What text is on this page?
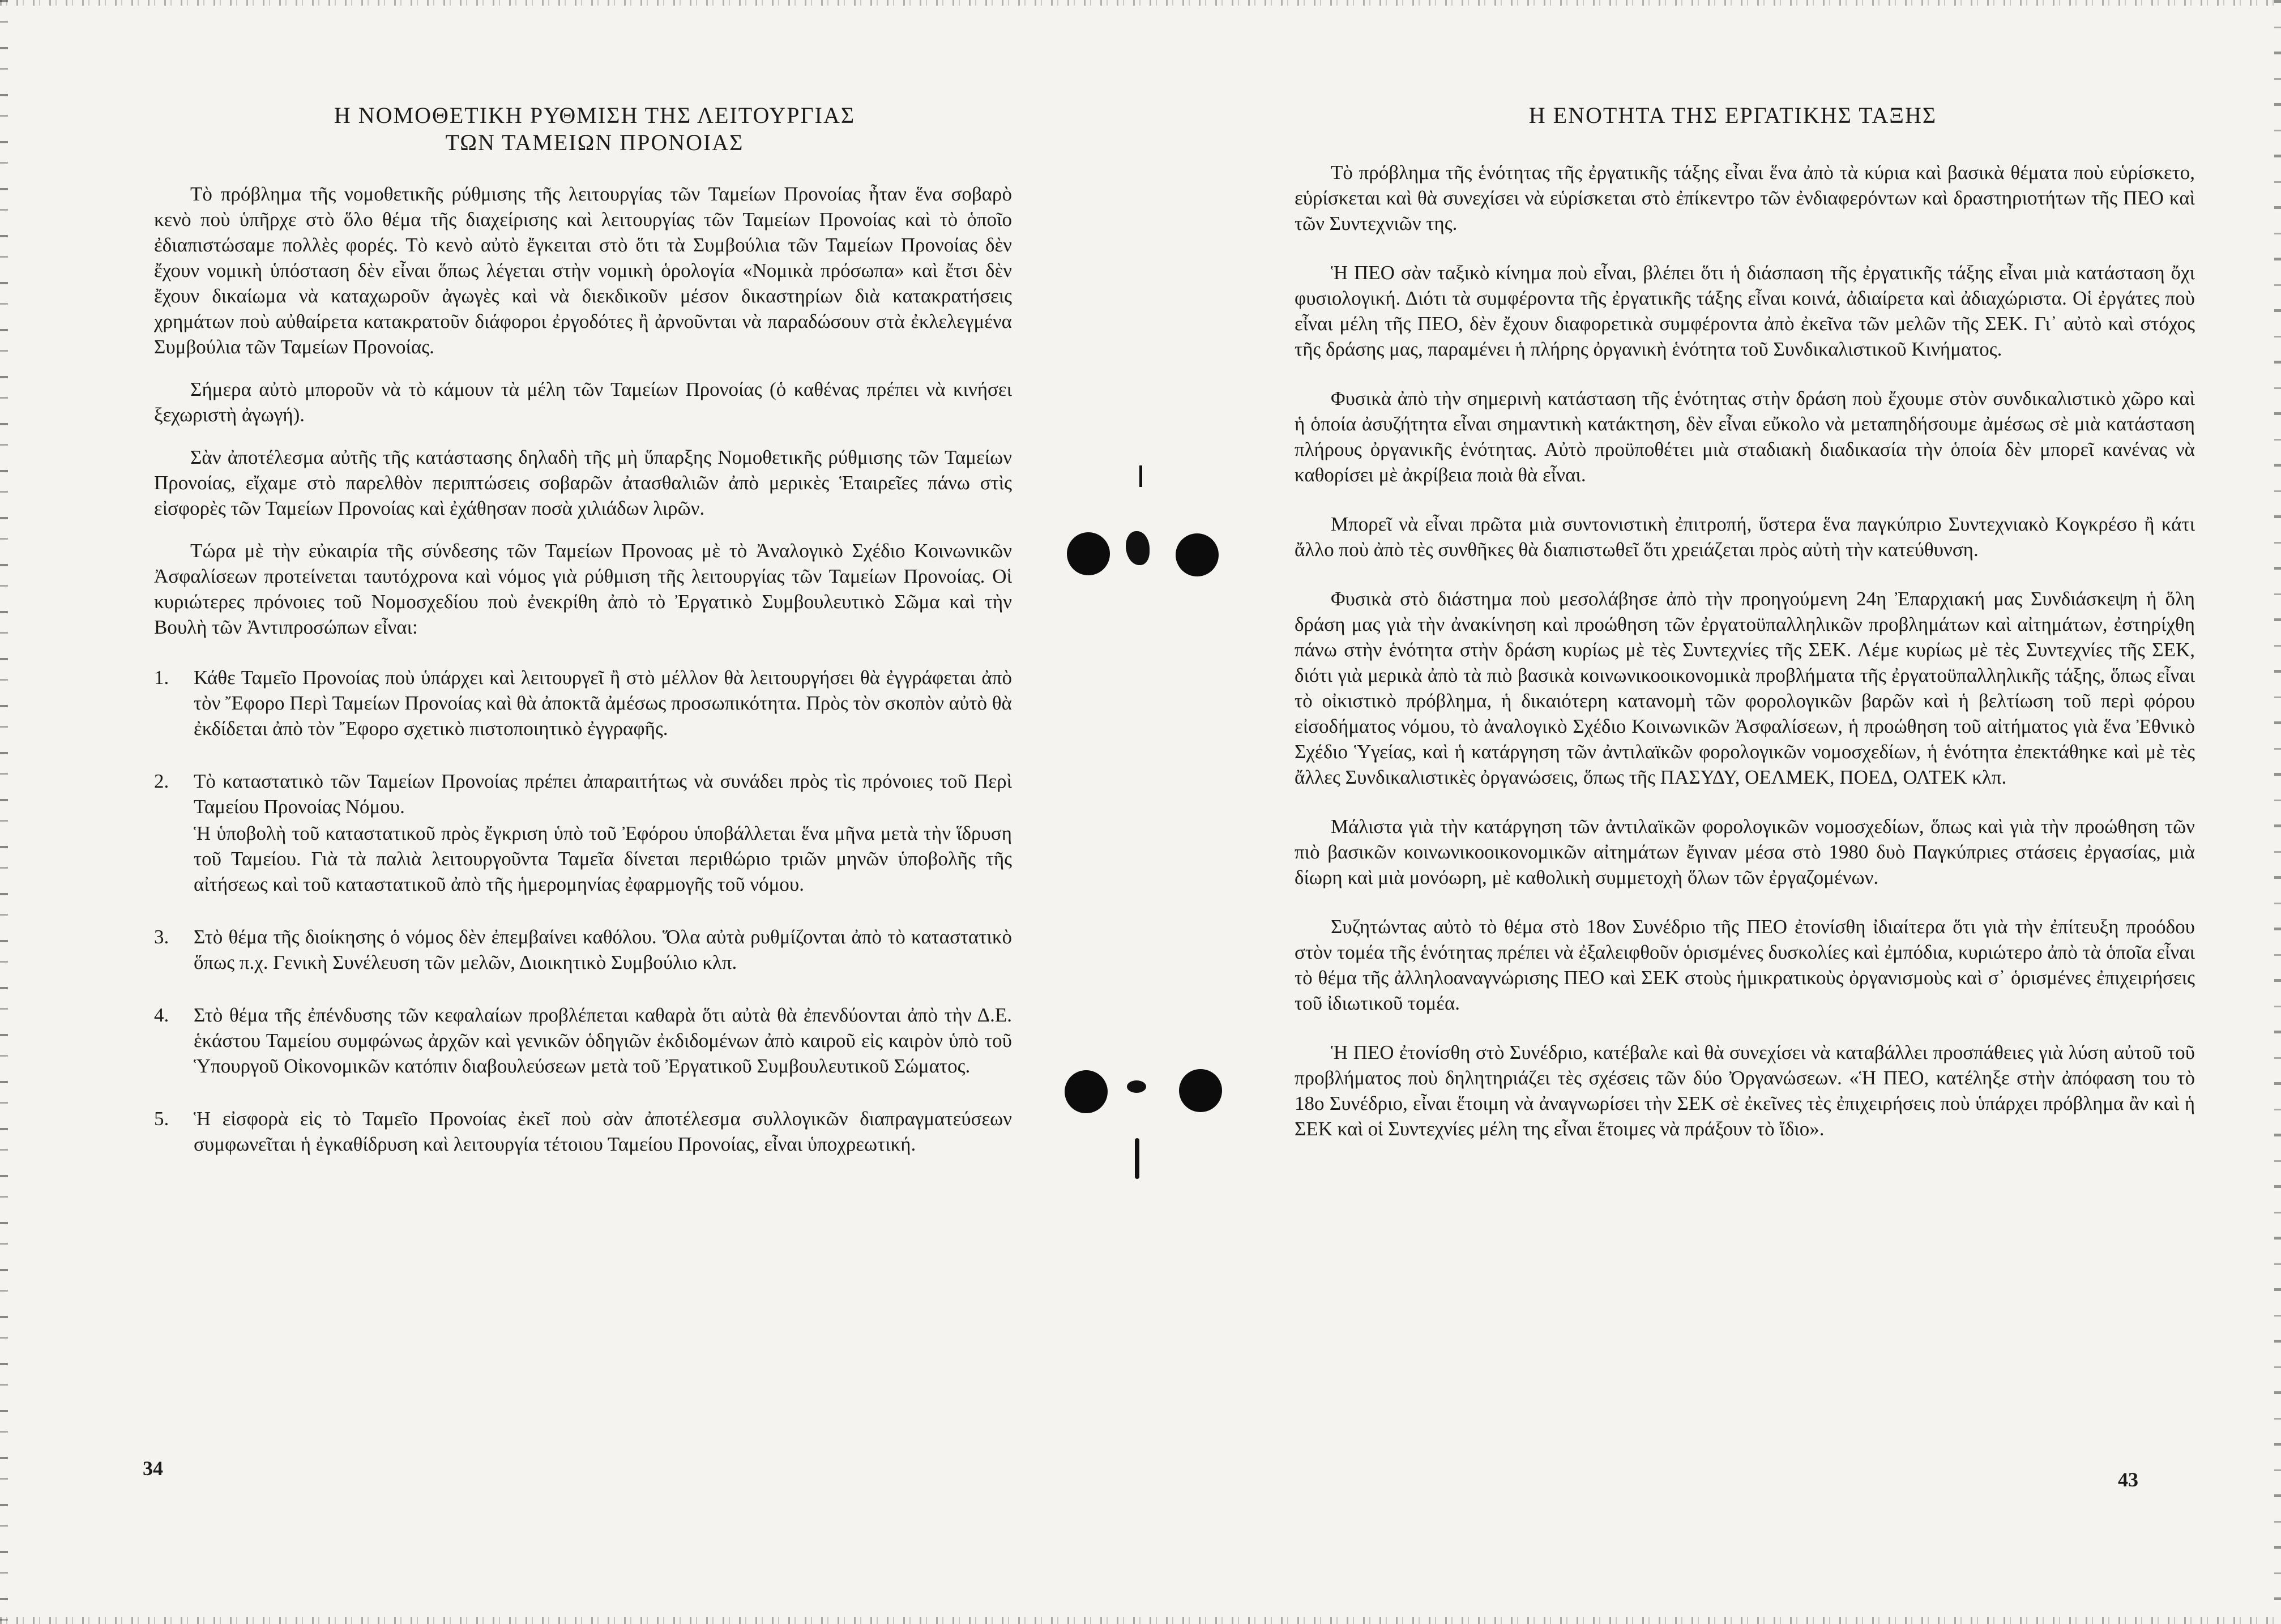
Η ΝΟΜΟΘΕΤΙΚΗ ΡΥΘΜΙΣΗ ΤΗΣ ΛΕΙΤΟΥΡΓΙΑΣ
ΤΩΝ ΤΑΜΕΙΩΝ ΠΡΟΝΟΙΑΣ

Τὸ πρόβλημα τῆς νομοθετικῆς ρύθμισης τῆς λειτουργίας τῶν Ταμείων Προνοίας ἦταν ἕνα σοβαρὸ κενὸ ποὺ ὑπῆρχε στὸ ὅλο θέμα τῆς διαχείρισης καὶ λειτουργίας τῶν Ταμείων Προνοίας καὶ τὸ ὁποῖο ἐδιαπιστώσαμε πολλὲς φορές. Τὸ κενὸ αὐτὸ ἔγκειται στὸ ὅτι τὰ Συμβούλια τῶν Ταμείων Προνοίας δὲν ἔχουν νομικὴ ὑπόσταση δὲν εἶναι ὅπως λέγεται στὴν νομικὴ ὁρολογία «Νομικὰ πρόσωπα» καὶ ἔτσι δὲν ἔχουν δικαίωμα νὰ καταχωροῦν ἀγωγὲς καὶ νὰ διεκδικοῦν μέσον δικαστηρίων διὰ κατακρατήσεις χρημάτων ποὺ αὐθαίρετα κατακρατοῦν διάφοροι ἐργοδότες ἢ ἀρνοῦνται νὰ παραδώσουν στὰ ἐκλελεγμένα Συμβούλια τῶν Ταμείων Προνοίας.

Σήμερα αὐτὸ μποροῦν νὰ τὸ κάμουν τὰ μέλη τῶν Ταμείων Προνοίας (ὁ καθένας πρέπει νὰ κινήσει ξεχωριστὴ ἀγωγή).

Σὰν ἀποτέλεσμα αὐτῆς τῆς κατάστασης δηλαδὴ τῆς μὴ ὕπαρξης Νομοθετικῆς ρύθμισης τῶν Ταμείων Προνοίας, εἴχαμε στὸ παρελθὸν περιπτώσεις σοβαρῶν ἀτασθαλιῶν ἀπὸ μερικὲς Ἑταιρεῖες πάνω στὶς εἰσφορὲς τῶν Ταμείων Προνοίας καὶ ἐχάθησαν ποσὰ χιλιάδων λιρῶν.

Τώρα μὲ τὴν εὐκαιρία τῆς σύνδεσης τῶν Ταμείων Προνοας μὲ τὸ Ἀναλογικὸ Σχέδιο Κοινωνικῶν Ἀσφαλίσεων προτείνεται ταυτόχρονα καὶ νόμος γιὰ ρύθμιση τῆς λειτουργίας τῶν Ταμείων Προνοίας. Οἱ κυριώτερες πρόνοιες τοῦ Νομοσχεδίου ποὺ ἐνεκρίθη ἀπὸ τὸ Ἐργατικὸ Συμβουλευτικὸ Σῶμα καὶ τὴν Βουλὴ τῶν Ἀντιπροσώπων εἶναι:

1. Κάθε Ταμεῖο Προνοίας ποὺ ὑπάρχει καὶ λειτουργεῖ ἢ στὸ μέλλον θὰ λειτουργήσει θὰ ἐγγράφεται ἀπὸ τὸν Ἔφορο Περὶ Ταμείων Προνοίας καὶ θὰ ἀποκτᾶ ἀμέσως προσωπικότητα. Πρὸς τὸν σκοπὸν αὐτὸ θὰ ἐκδίδεται ἀπὸ τὸν Ἔφορο σχετικὸ πιστοποιητικὸ ἐγγραφῆς.
2. Τὸ καταστατικὸ τῶν Ταμείων Προνοίας πρέπει ἀπαραιτήτως νὰ συνάδει πρὸς τὶς πρόνοιες τοῦ Περὶ Ταμείου Προνοίας Νόμου.
Ἡ ὑποβολὴ τοῦ καταστατικοῦ πρὸς ἔγκριση ὑπὸ τοῦ Ἐφόρου ὑποβάλλεται ἕνα μῆνα μετὰ τὴν ἵδρυση τοῦ Ταμείου. Γιὰ τὰ παλιὰ λειτουργοῦντα Ταμεῖα δίνεται περιθώριο τριῶν μηνῶν ὑποβολῆς τῆς αἰτήσεως καὶ τοῦ καταστατικοῦ ἀπὸ τῆς ἡμερομηνίας ἐφαρμογῆς τοῦ νόμου.
3. Στὸ θέμα τῆς διοίκησης ὁ νόμος δὲν ἐπεμβαίνει καθόλου. Ὅλα αὐτὰ ρυθμίζονται ἀπὸ τὸ καταστατικὸ ὅπως π.χ. Γενικὴ Συνέλευση τῶν μελῶν, Διοικητικὸ Συμβούλιο κλπ.
4. Στὸ θέμα τῆς ἐπένδυσης τῶν κεφαλαίων προβλέπεται καθαρὰ ὅτι αὐτὰ θὰ ἐπενδύονται ἀπὸ τὴν Δ.Ε. ἑκάστου Ταμείου συμφώνως ἀρχῶν καὶ γενικῶν ὁδηγιῶν ἐκδιδομένων ἀπὸ καιροῦ εἰς καιρὸν ὑπὸ τοῦ Ὑπουργοῦ Οἰκονομικῶν κατόπιν διαβουλεύσεων μετὰ τοῦ Ἐργατικοῦ Συμβουλευτικοῦ Σώματος.
5. Ἡ εἰσφορὰ εἰς τὸ Ταμεῖο Προνοίας ἐκεῖ ποὺ σὰν ἀποτέλεσμα συλλογικῶν διαπραγματεύσεων συμφωνεῖται ἡ ἐγκαθίδρυση καὶ λειτουργία τέτοιου Ταμείου Προνοίας, εἶναι ὑποχρεωτική.
34
Η ΕΝΟΤΗΤΑ ΤΗΣ ΕΡΓΑΤΙΚΗΣ ΤΑΞΗΣ

Τὸ πρόβλημα τῆς ἑνότητας τῆς ἐργατικῆς τάξης εἶναι ἕνα ἀπὸ τὰ κύρια καὶ βασικὰ θέματα ποὺ εὑρίσκετο, εὑρίσκεται καὶ θὰ συνεχίσει νὰ εὑρίσκεται στὸ ἐπίκεντρο τῶν ἐνδιαφερόντων καὶ δραστηριοτήτων τῆς ΠΕΟ καὶ τῶν Συντεχνιῶν της.

Ἡ ΠΕΟ σὰν ταξικὸ κίνημα ποὺ εἶναι, βλέπει ὅτι ἡ διάσπαση τῆς ἐργατικῆς τάξης εἶναι μιὰ κατάσταση ὄχι φυσιολογική. Διότι τὰ συμφέροντα τῆς ἐργατικῆς τάξης εἶναι κοινά, ἀδιαίρετα καὶ ἀδιαχώριστα. Οἱ ἐργάτες ποὺ εἶναι μέλη τῆς ΠΕΟ, δὲν ἔχουν διαφορετικὰ συμφέροντα ἀπὸ ἐκεῖνα τῶν μελῶν τῆς ΣΕΚ. Γι᾽ αὐτὸ καὶ στόχος τῆς δράσης μας, παραμένει ἡ πλήρης ὀργανικὴ ἑνότητα τοῦ Συνδικαλιστικοῦ Κινήματος.

Φυσικὰ ἀπὸ τὴν σημερινὴ κατάσταση τῆς ἑνότητας στὴν δράση ποὺ ἔχουμε στὸν συνδικαλιστικὸ χῶρο καὶ ἡ ὁποία ἀσυζήτητα εἶναι σημαντικὴ κατάκτηση, δὲν εἶναι εὔκολο νὰ μεταπηδήσουμε ἀμέσως σὲ μιὰ κατάσταση πλήρους ὀργανικῆς ἑνότητας. Αὐτὸ προϋποθέτει μιὰ σταδιακὴ διαδικασία τὴν ὁποία δὲν μπορεῖ κανένας νὰ καθορίσει μὲ ἀκρίβεια ποιὰ θὰ εἶναι.

Μπορεῖ νὰ εἶναι πρῶτα μιὰ συντονιστικὴ ἐπιτροπή, ὕστερα ἕνα παγκύπριο Συντεχνιακὸ Κογκρέσο ἢ κάτι ἄλλο ποὺ ἀπὸ τὲς συνθῆκες θὰ διαπιστωθεῖ ὅτι χρειάζεται πρὸς αὐτὴ τὴν κατεύθυνση.

Φυσικὰ στὸ διάστημα ποὺ μεσολάβησε ἀπὸ τὴν προηγούμενη 24η Ἐπαρχιακή μας Συνδιάσκεψη ἡ ὅλη δράση μας γιὰ τὴν ἀνακίνηση καὶ προώθηση τῶν ἐργατοϋπαλληλικῶν προβλημάτων καὶ αἰτημάτων, ἐστηρίχθη πάνω στὴν ἑνότητα στὴν δράση κυρίως μὲ τὲς Συντεχνίες τῆς ΣΕΚ. Λέμε κυρίως μὲ τὲς Συντεχνίες τῆς ΣΕΚ, διότι γιὰ μερικὰ ἀπὸ τὰ πιὸ βασικὰ κοινωνικοοικονομικὰ προβλήματα τῆς ἐργατοϋπαλληλικῆς τάξης, ὅπως εἶναι τὸ οἰκιστικὸ πρόβλημα, ἡ δικαιότερη κατανομὴ τῶν φορολογικῶν βαρῶν καὶ ἡ βελτίωση τοῦ περὶ φόρου εἰσοδήματος νόμου, τὸ ἀναλογικὸ Σχέδιο Κοινωνικῶν Ἀσφαλίσεων, ἡ προώθηση τοῦ αἰτήματος γιὰ ἕνα Ἐθνικὸ Σχέδιο Ὑγείας, καὶ ἡ κατάργηση τῶν ἀντιλαϊκῶν φορολογικῶν νομοσχεδίων, ἡ ἑνότητα ἐπεκτάθηκε καὶ μὲ τὲς ἄλλες Συνδικαλιστικὲς ὀργανώσεις, ὅπως τῆς ΠΑΣΥΔΥ, ΟΕΛΜΕΚ, ΠΟΕΔ, ΟΛΤΕΚ κλπ.

Μάλιστα γιὰ τὴν κατάργηση τῶν ἀντιλαϊκῶν φορολογικῶν νομοσχεδίων, ὅπως καὶ γιὰ τὴν προώθηση τῶν πιὸ βασικῶν κοινωνικοοικονομικῶν αἰτημάτων ἔγιναν μέσα στὸ 1980 δυὸ Παγκύπριες στάσεις ἐργασίας, μιὰ δίωρη καὶ μιὰ μονόωρη, μὲ καθολικὴ συμμετοχὴ ὅλων τῶν ἐργαζομένων.

Συζητώντας αὐτὸ τὸ θέμα στὸ 18ον Συνέδριο τῆς ΠΕΟ ἐτονίσθη ἰδιαίτερα ὅτι γιὰ τὴν ἐπίτευξη προόδου στὸν τομέα τῆς ἑνότητας πρέπει νὰ ἐξαλειφθοῦν ὁρισμένες δυσκολίες καὶ ἐμπόδια, κυριώτερο ἀπὸ τὰ ὁποῖα εἶναι τὸ θέμα τῆς ἀλληλοαναγνώρισης ΠΕΟ καὶ ΣΕΚ στοὺς ἡμικρατικοὺς ὀργανισμοὺς καὶ σ᾽ ὁρισμένες ἐπιχειρήσεις τοῦ ἰδιωτικοῦ τομέα.

Ἡ ΠΕΟ ἐτονίσθη στὸ Συνέδριο, κατέβαλε καὶ θὰ συνεχίσει νὰ καταβάλλει προσπάθειες γιὰ λύση αὐτοῦ τοῦ προβλήματος ποὺ δηλητηριάζει τὲς σχέσεις τῶν δύο Ὀργανώσεων. «Ἡ ΠΕΟ, κατέληξε στὴν ἀπόφαση του τὸ 18ο Συνέδριο, εἶναι ἕτοιμη νὰ ἀναγνωρίσει τὴν ΣΕΚ σὲ ἐκεῖνες τὲς ἐπιχειρήσεις ποὺ ὑπάρχει πρόβλημα ἂν καὶ ἡ ΣΕΚ καὶ οἱ Συντεχνίες μέλη της εἶναι ἕτοιμες νὰ πράξουν τὸ ἴδιο».

43
